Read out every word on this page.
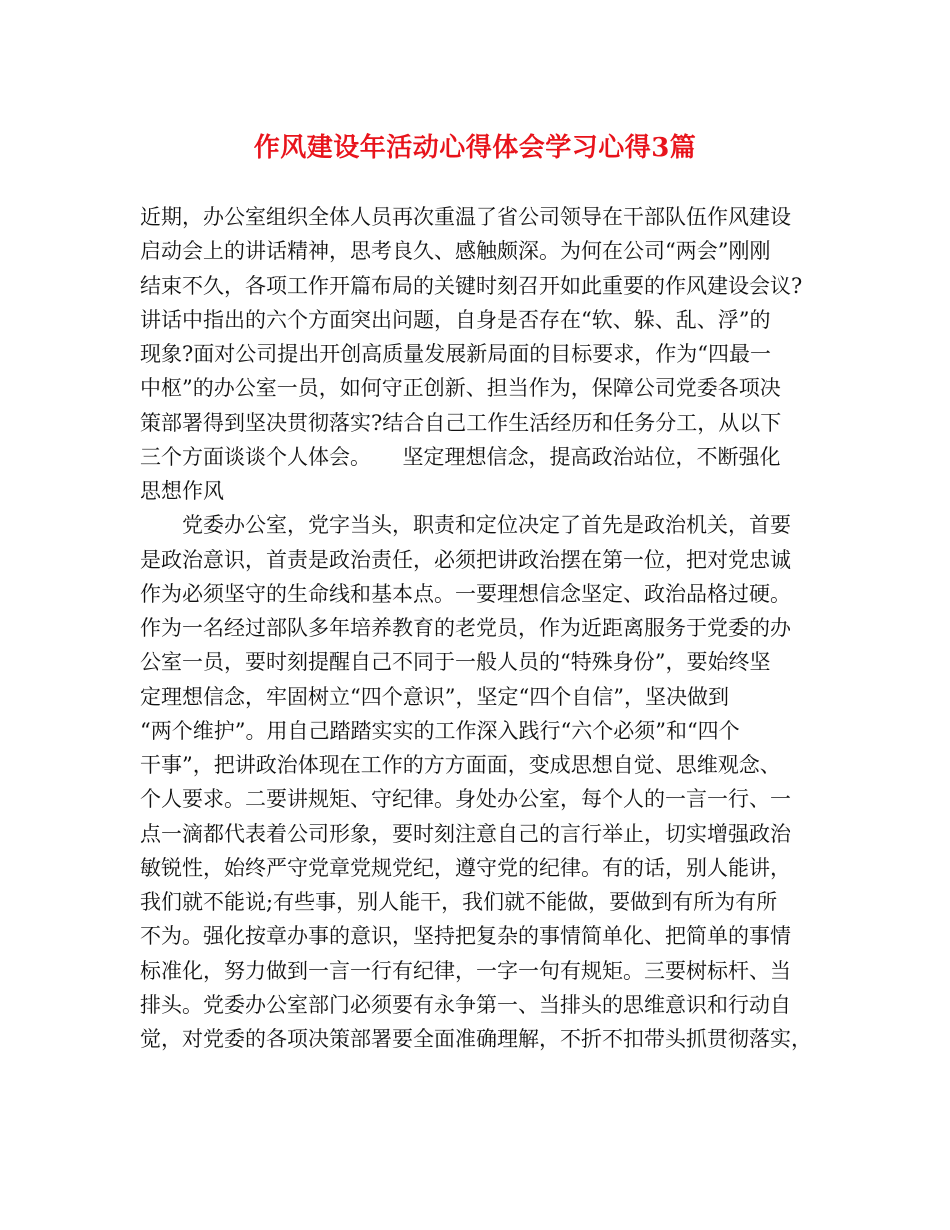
作风建设年活动心得体会学习心得3篇
近期，办公室组织全体人员再次重温了省公司领导在干部队伍作风建设
启动会上的讲话精神，思考良久、感触颇深。为何在公司“两会”刚刚
结束不久，各项工作开篇布局的关键时刻召开如此重要的作风建设会议?
讲话中指出的六个方面突出问题，自身是否存在“软、躲、乱、浮”的
现象?面对公司提出开创高质量发展新局面的目标要求，作为“四最一
中枢”的办公室一员，如何守正创新、担当作为，保障公司党委各项决
策部署得到坚决贯彻落实?结合自己工作生活经历和任务分工，从以下
三个方面谈谈个人体会。　　坚定理想信念，提高政治站位，不断强化
思想作风
　　党委办公室，党字当头，职责和定位决定了首先是政治机关，首要
是政治意识，首责是政治责任，必须把讲政治摆在第一位，把对党忠诚
作为必须坚守的生命线和基本点。一要理想信念坚定、政治品格过硬。
作为一名经过部队多年培养教育的老党员，作为近距离服务于党委的办
公室一员，要时刻提醒自己不同于一般人员的“特殊身份”，要始终坚
定理想信念，牢固树立“四个意识”，坚定“四个自信”，坚决做到
“两个维护”。用自己踏踏实实的工作深入践行“六个必须”和“四个
干事”，把讲政治体现在工作的方方面面，变成思想自觉、思维观念、
个人要求。二要讲规矩、守纪律。身处办公室，每个人的一言一行、一
点一滴都代表着公司形象，要时刻注意自己的言行举止，切实增强政治
敏锐性，始终严守党章党规党纪，遵守党的纪律。有的话，别人能讲，
我们就不能说;有些事，别人能干，我们就不能做，要做到有所为有所
不为。强化按章办事的意识，坚持把复杂的事情简单化、把简单的事情
标准化，努力做到一言一行有纪律，一字一句有规矩。三要树标杆、当
排头。党委办公室部门必须要有永争第一、当排头的思维意识和行动自
觉，对党委的各项决策部署要全面准确理解，不折不扣带头抓贯彻落实，
